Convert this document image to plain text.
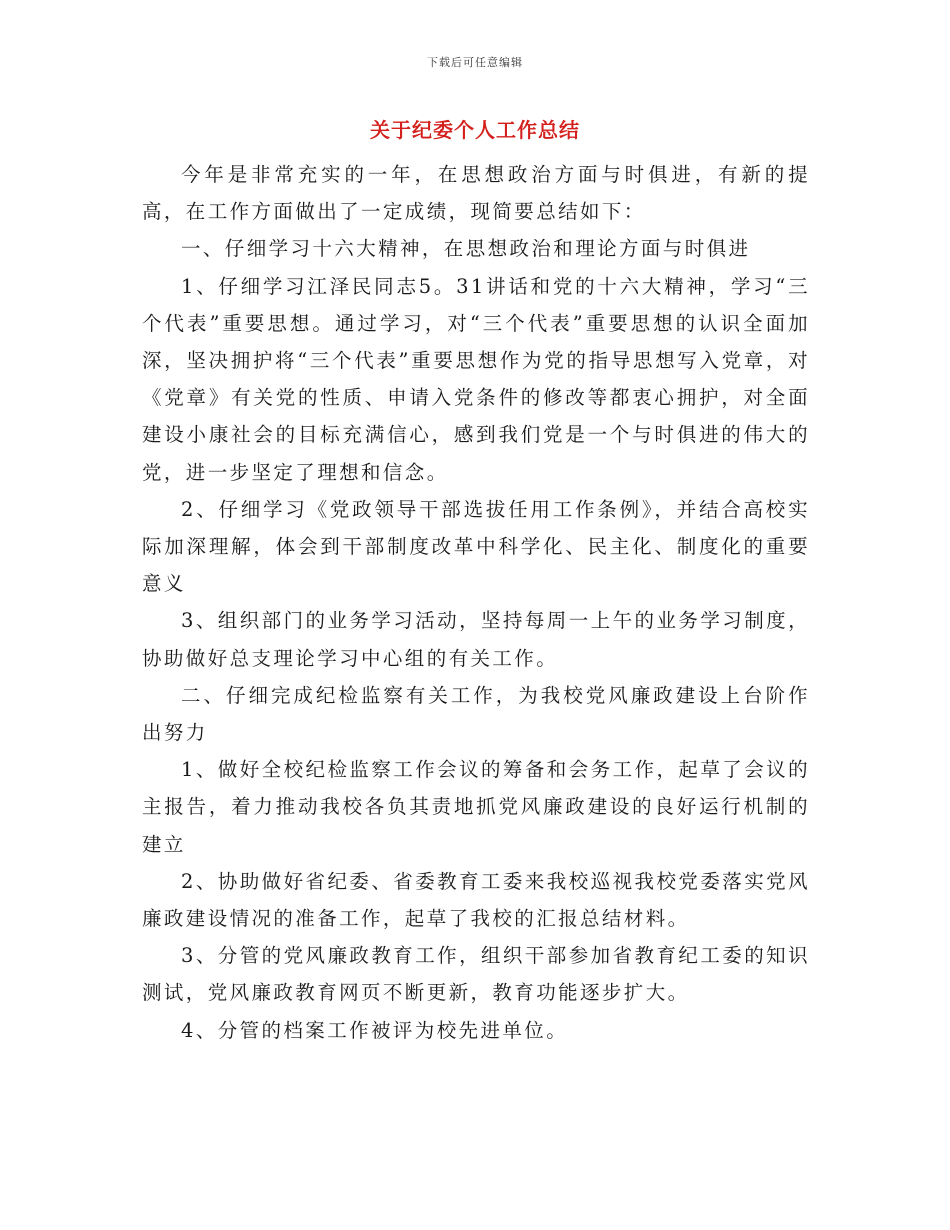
下载后可任意编辑
关于纪委个人工作总结

今年是非常充实的一年，在思想政治方面与时俱进，有新的提高，在工作方面做出了一定成绩，现简要总结如下：

一、仔细学习十六大精神，在思想政治和理论方面与时俱进

1、仔细学习江泽民同志5。31讲话和党的十六大精神，学习“三个代表”重要思想。通过学习，对“三个代表”重要思想的认识全面加深，坚决拥护将“三个代表”重要思想作为党的指导思想写入党章，对《党章》有关党的性质、申请入党条件的修改等都衷心拥护，对全面建设小康社会的目标充满信心，感到我们党是一个与时俱进的伟大的党，进一步坚定了理想和信念。

2、仔细学习《党政领导干部选拔任用工作条例》，并结合高校实际加深理解，体会到干部制度改革中科学化、民主化、制度化的重要意义

3、组织部门的业务学习活动，坚持每周一上午的业务学习制度，协助做好总支理论学习中心组的有关工作。

二、仔细完成纪检监察有关工作，为我校党风廉政建设上台阶作出努力

1、做好全校纪检监察工作会议的筹备和会务工作，起草了会议的主报告，着力推动我校各负其责地抓党风廉政建设的良好运行机制的建立

2、协助做好省纪委、省委教育工委来我校巡视我校党委落实党风廉政建设情况的准备工作，起草了我校的汇报总结材料。

3、分管的党风廉政教育工作，组织干部参加省教育纪工委的知识测试，党风廉政教育网页不断更新，教育功能逐步扩大。

4、分管的档案工作被评为校先进单位。
